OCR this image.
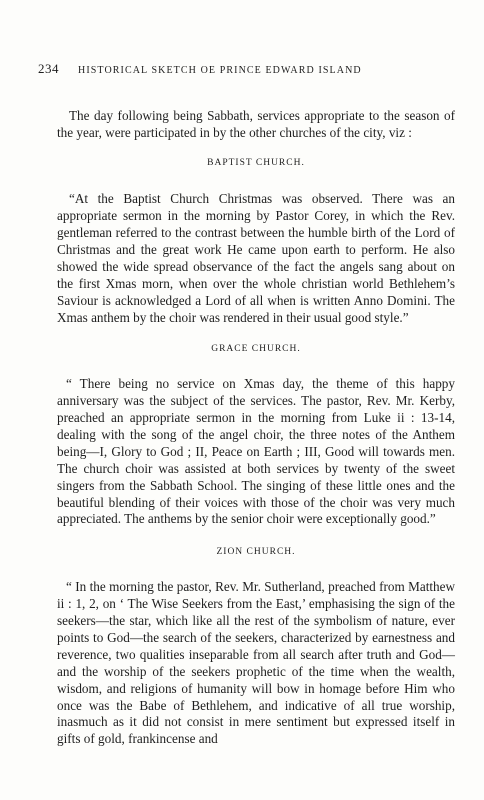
234 HISTORICAL SKETCH OE PRINCE EDWARD ISLAND

The day following being Sabbath, services appropriate to the season of the year, were participated in by the other churches of the city, viz :

BAPTIST CHURCH.

“At the Baptist Church Christmas was observed. There was an appropriate sermon in the morning by Pastor Corey, in which the Rev. gentleman referred to the contrast between the humble birth of the Lord of Christmas and the great work He came upon earth to perform. He also showed the wide spread observance of the fact the angels sang about on the first Xmas morn, when over the whole christian world Bethlehem’s Saviour is acknowledged a Lord of all when is written Anno Domini. The Xmas anthem by the choir was rendered in their usual good style.”

GRACE CHURCH.

“ There being no service on Xmas day, the theme of this happy anniversary was the subject of the services. The pastor, Rev. Mr. Kerby, preached an appropriate sermon in the morning from Luke ii : 13-14, dealing with the song of the angel choir, the three notes of the Anthem being—I, Glory to God ; II, Peace on Earth ; III, Good will towards men. The church choir was assisted at both services by twenty of the sweet singers from the Sabbath School. The singing of these little ones and the beautiful blending of their voices with those of the choir was very much appreciated. The anthems by the senior choir were exceptionally good.”

ZION CHURCH.

“ In the morning the pastor, Rev. Mr. Sutherland, preached from Matthew ii : 1, 2, on ‘ The Wise Seekers from the East,’ emphasising the sign of the seekers—the star, which like all the rest of the symbolism of nature, ever points to God—the search of the seekers, characterized by earnestness and reverence, two qualities inseparable from all search after truth and God—and the worship of the seekers prophetic of the time when the wealth, wisdom, and religions of humanity will bow in homage before Him who once was the Babe of Bethlehem, and indicative of all true worship, inasmuch as it did not consist in mere sentiment but expressed itself in gifts of gold, frankincense and
